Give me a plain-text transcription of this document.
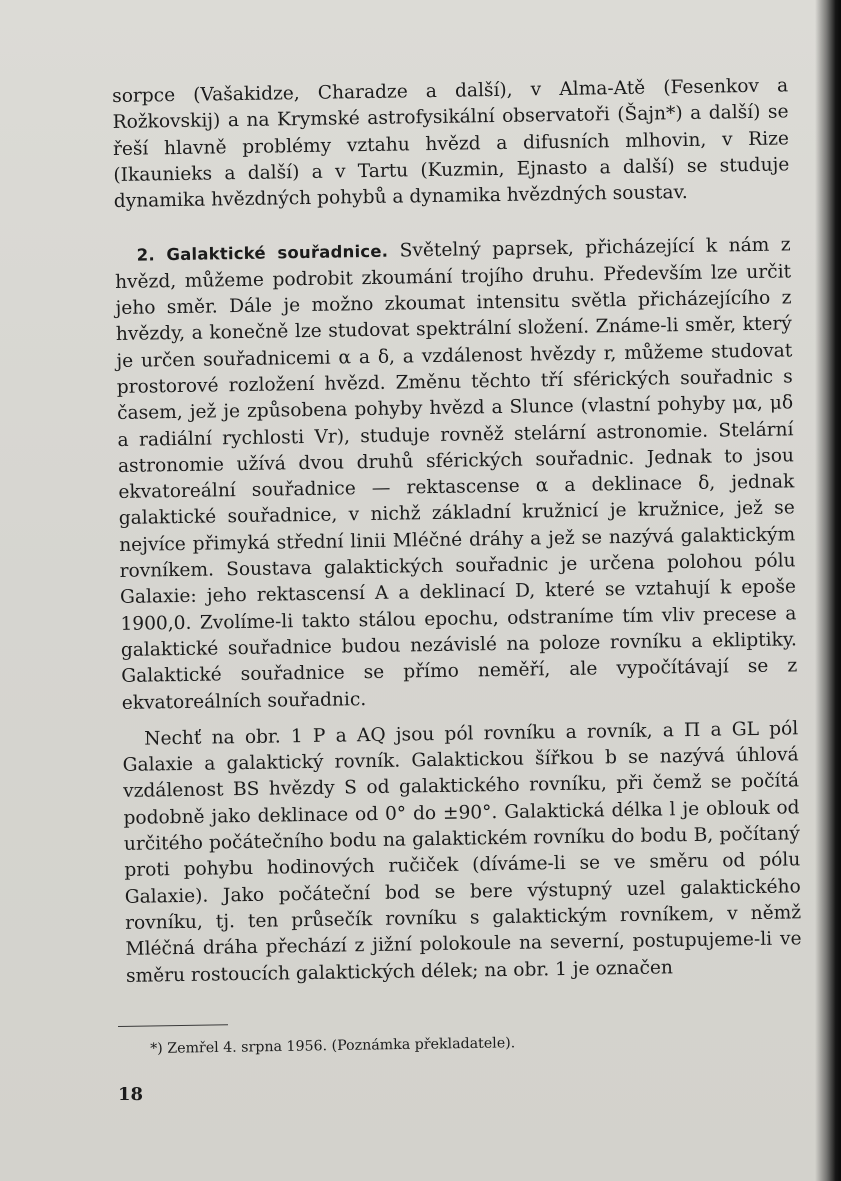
sorpce (Vašakidze, Charadze a další), v Alma-Atě (Fesenkov a Rožkovskij) a na Krymské astrofysikální observatoři (Šajn*) a další) se řeší hlavně problémy vztahu hvězd a difusních mlhovin, v Rize (Ikaunieks a další) a v Tartu (Kuzmin, Ejnasto a další) se studuje dynamika hvězdných pohybů a dynamika hvězdných soustav.

2. Galaktické souřadnice. Světelný paprsek, přicházející k nám z hvězd, můžeme podrobit zkoumání trojího druhu. Především lze určit jeho směr. Dále je možno zkoumat intensitu světla přicházejícího z hvězdy, a konečně lze studovat spektrální složení. Známe-li směr, který je určen souřadnicemi α a δ, a vzdálenost hvězdy r, můžeme studovat prostorové rozložení hvězd. Změnu těchto tří sférických souřadnic s časem, jež je způsobena pohyby hvězd a Slunce (vlastní pohyby μα, μδ a radiální rychlosti Vr), studuje rovněž stelární astronomie. Stelární astronomie užívá dvou druhů sférických souřadnic. Jednak to jsou ekvatoreální souřadnice — rektascense α a deklinace δ, jednak galaktické souřadnice, v nichž základní kružnicí je kružnice, jež se nejvíce přimyká střední linii Mléčné dráhy a jež se nazývá galaktickým rovníkem. Soustava galaktických souřadnic je určena polohou pólu Galaxie: jeho rektascensí A a deklinací D, které se vztahují k epoše 1900,0. Zvolíme-li takto stálou epochu, odstraníme tím vliv precese a galaktické souřadnice budou nezávislé na poloze rovníku a ekliptiky. Galaktické souřadnice se přímo neměří, ale vypočítávají se z ekvatoreálních souřadnic.

Nechť na obr. 1 P a AQ jsou pól rovníku a rovník, a Π a GL pól Galaxie a galaktický rovník. Galaktickou šířkou b se nazývá úhlová vzdálenost BS hvězdy S od galaktického rovníku, při čemž se počítá podobně jako deklinace od 0° do ±90°. Galaktická délka l je oblouk od určitého počátečního bodu na galaktickém rovníku do bodu B, počítaný proti pohybu hodinových ručiček (díváme-li se ve směru od pólu Galaxie). Jako počáteční bod se bere výstupný uzel galaktického rovníku, tj. ten průsečík rovníku s galaktickým rovníkem, v němž Mléčná dráha přechází z jižní polokoule na severní, postupujeme-li ve směru rostoucích galaktických délek; na obr. 1 je označen

*) Zemřel 4. srpna 1956. (Poznámka překladatele).
18
